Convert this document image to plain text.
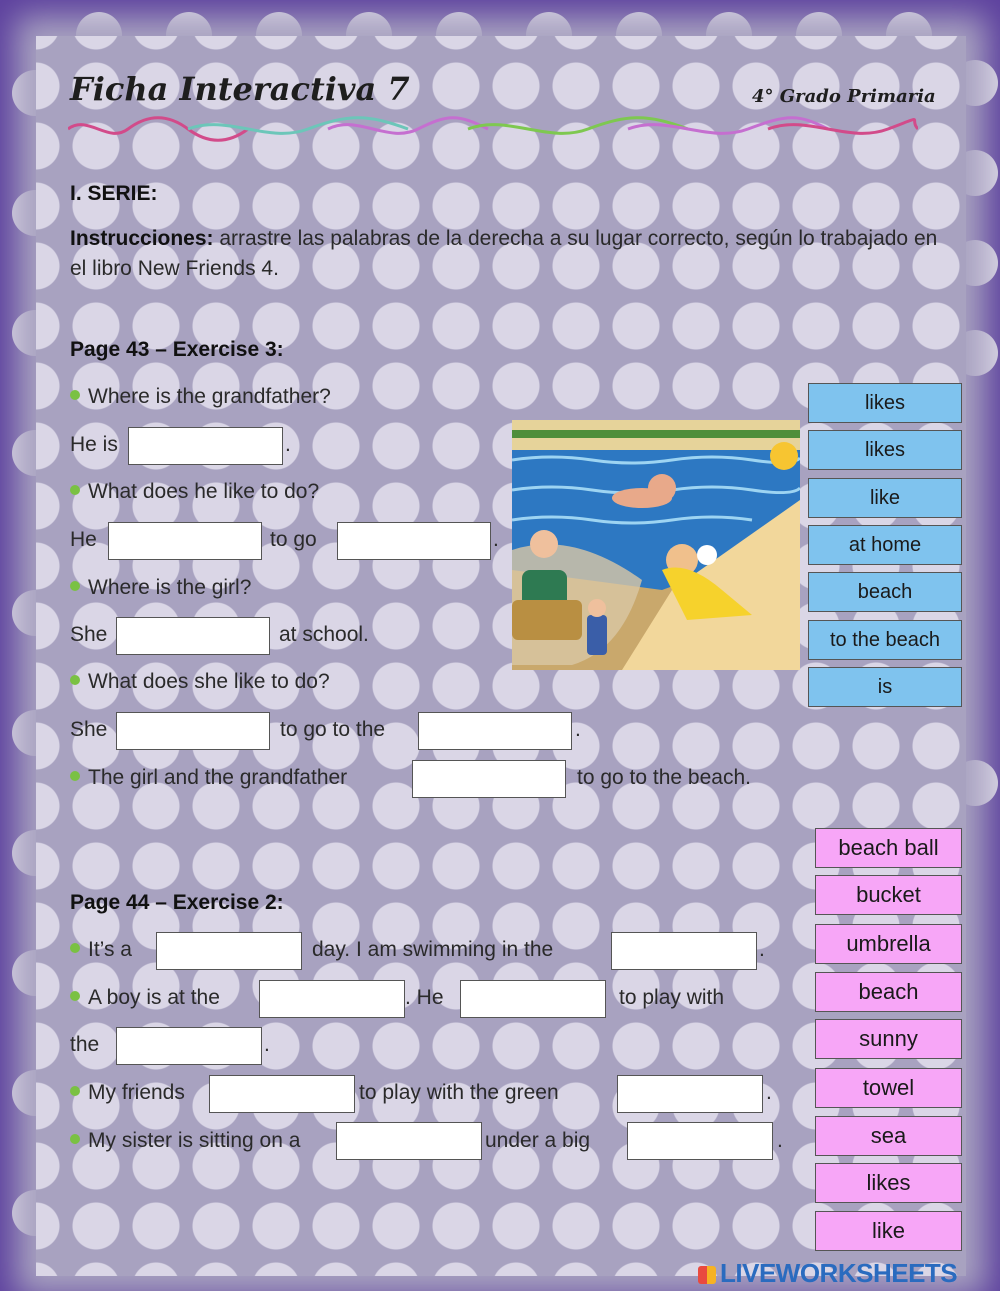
Ficha Interactiva 7	4° Grado Primaria
I. SERIE:
Instrucciones: arrastre las palabras de la derecha a su lugar correcto, según lo trabajado en el libro New Friends 4.
Page 43 – Exercise 3:
Where is the grandfather?
He is	.
What does he like to do?
He	to go	.
Where is the girl?
She	at school.
What does she like to do?
She	to go to the	.
The girl and the grandfather	to go to the beach.
likes
likes
like
at home
beach
to the beach
is
Page 44 – Exercise 2:
It’s a	day. I am swimming in the	.
A boy is at the	. He	to play with
the	.
My friends	to play with the green	.
My sister is sitting on a	under a big	.
beach ball
bucket
umbrella
beach
sunny
towel
sea
likes
like
LIVEWORKSHEETS
